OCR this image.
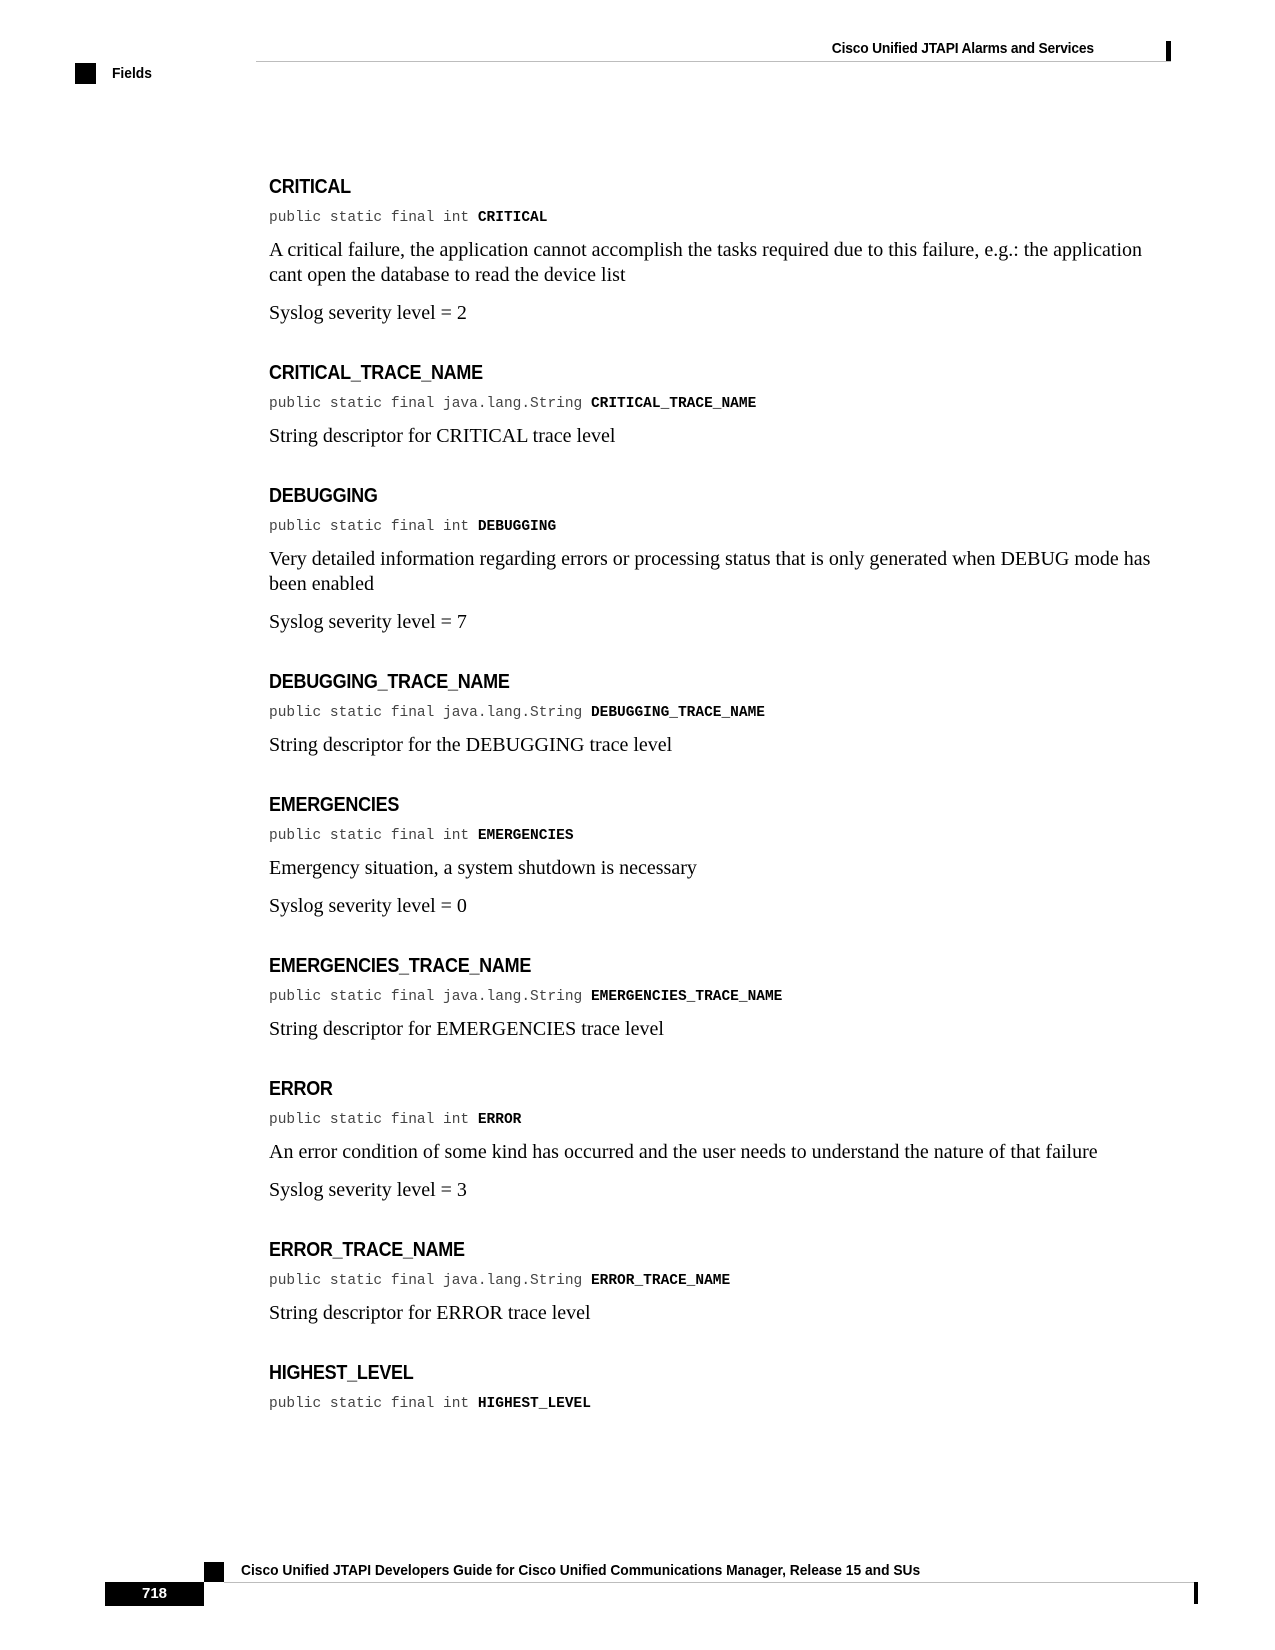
Cisco Unified JTAPI Alarms and Services
Fields
CRITICAL
public static final int CRITICAL
A critical failure, the application cannot accomplish the tasks required due to this failure, e.g.: the application cant open the database to read the device list
Syslog severity level = 2
CRITICAL_TRACE_NAME
public static final java.lang.String CRITICAL_TRACE_NAME
String descriptor for CRITICAL trace level
DEBUGGING
public static final int DEBUGGING
Very detailed information regarding errors or processing status that is only generated when DEBUG mode has been enabled
Syslog severity level = 7
DEBUGGING_TRACE_NAME
public static final java.lang.String DEBUGGING_TRACE_NAME
String descriptor for the DEBUGGING trace level
EMERGENCIES
public static final int EMERGENCIES
Emergency situation, a system shutdown is necessary
Syslog severity level = 0
EMERGENCIES_TRACE_NAME
public static final java.lang.String EMERGENCIES_TRACE_NAME
String descriptor for EMERGENCIES trace level
ERROR
public static final int ERROR
An error condition of some kind has occurred and the user needs to understand the nature of that failure
Syslog severity level = 3
ERROR_TRACE_NAME
public static final java.lang.String ERROR_TRACE_NAME
String descriptor for ERROR trace level
HIGHEST_LEVEL
public static final int HIGHEST_LEVEL
Cisco Unified JTAPI Developers Guide for Cisco Unified Communications Manager, Release 15 and SUs
718
